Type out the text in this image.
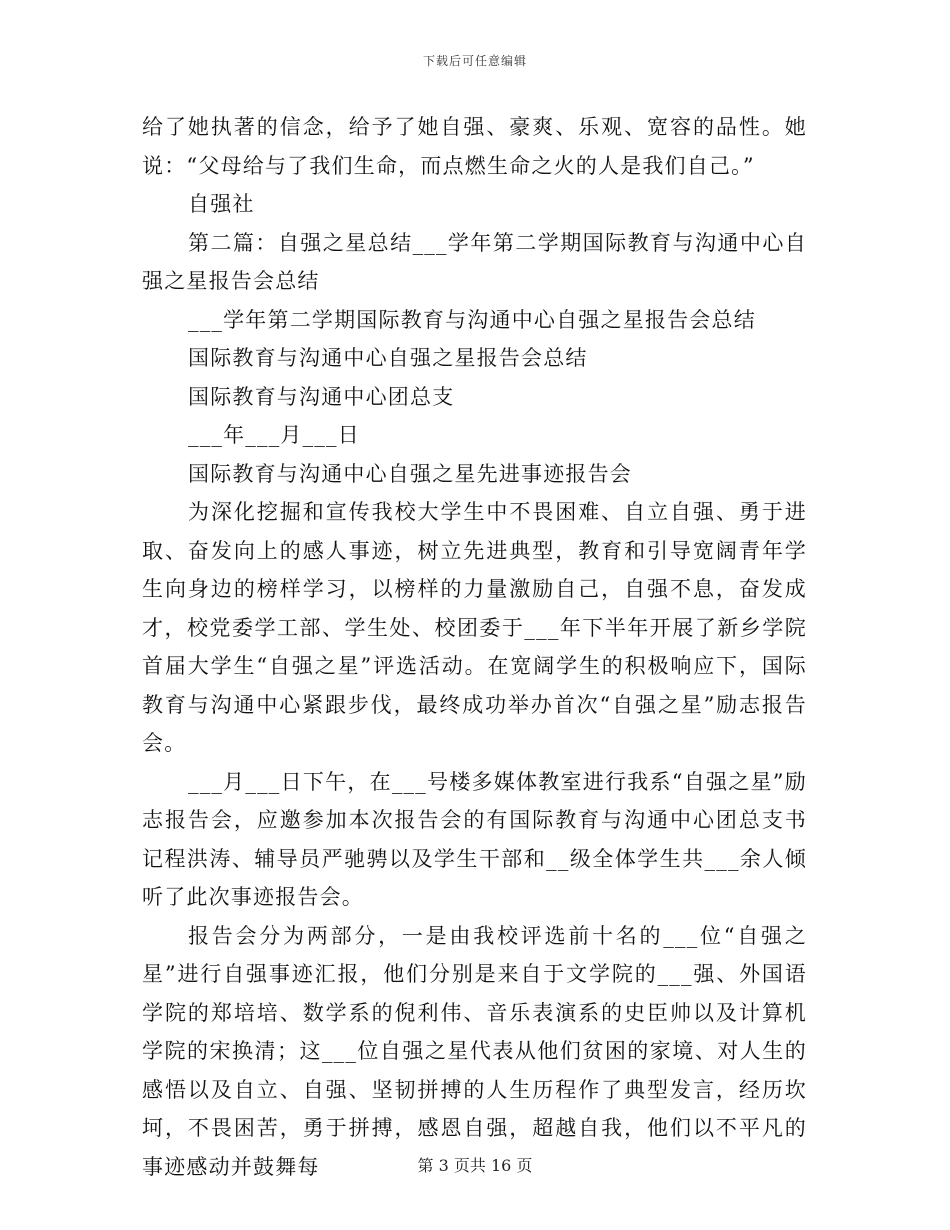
下载后可任意编辑

给了她执著的信念，给予了她自强、豪爽、乐观、宽容的品性。她说：“父母给与了我们生命，而点燃生命之火的人是我们自己。”

自强社

第二篇：自强之星总结___学年第二学期国际教育与沟通中心自强之星报告会总结

___学年第二学期国际教育与沟通中心自强之星报告会总结

国际教育与沟通中心自强之星报告会总结

国际教育与沟通中心团总支

___年___月___日

国际教育与沟通中心自强之星先进事迹报告会

为深化挖掘和宣传我校大学生中不畏困难、自立自强、勇于进取、奋发向上的感人事迹，树立先进典型，教育和引导宽阔青年学生向身边的榜样学习，以榜样的力量激励自己，自强不息，奋发成才，校党委学工部、学生处、校团委于___年下半年开展了新乡学院首届大学生“自强之星”评选活动。在宽阔学生的积极响应下，国际教育与沟通中心紧跟步伐，最终成功举办首次“自强之星”励志报告会。

___月___日下午，在___号楼多媒体教室进行我系“自强之星”励志报告会，应邀参加本次报告会的有国际教育与沟通中心团总支书记程洪涛、辅导员严驰骋以及学生干部和__级全体学生共___余人倾听了此次事迹报告会。

报告会分为两部分，一是由我校评选前十名的___位“自强之星”进行自强事迹汇报，他们分别是来自于文学院的___强、外国语学院的郑培培、数学系的倪利伟、音乐表演系的史臣帅以及计算机学院的宋换清；这___位自强之星代表从他们贫困的家境、对人生的感悟以及自立、自强、坚韧拼搏的人生历程作了典型发言，经历坎坷，不畏困苦，勇于拼搏，感恩自强，超越自我，他们以不平凡的事迹感动并鼓舞每	第 3 页共 16 页
